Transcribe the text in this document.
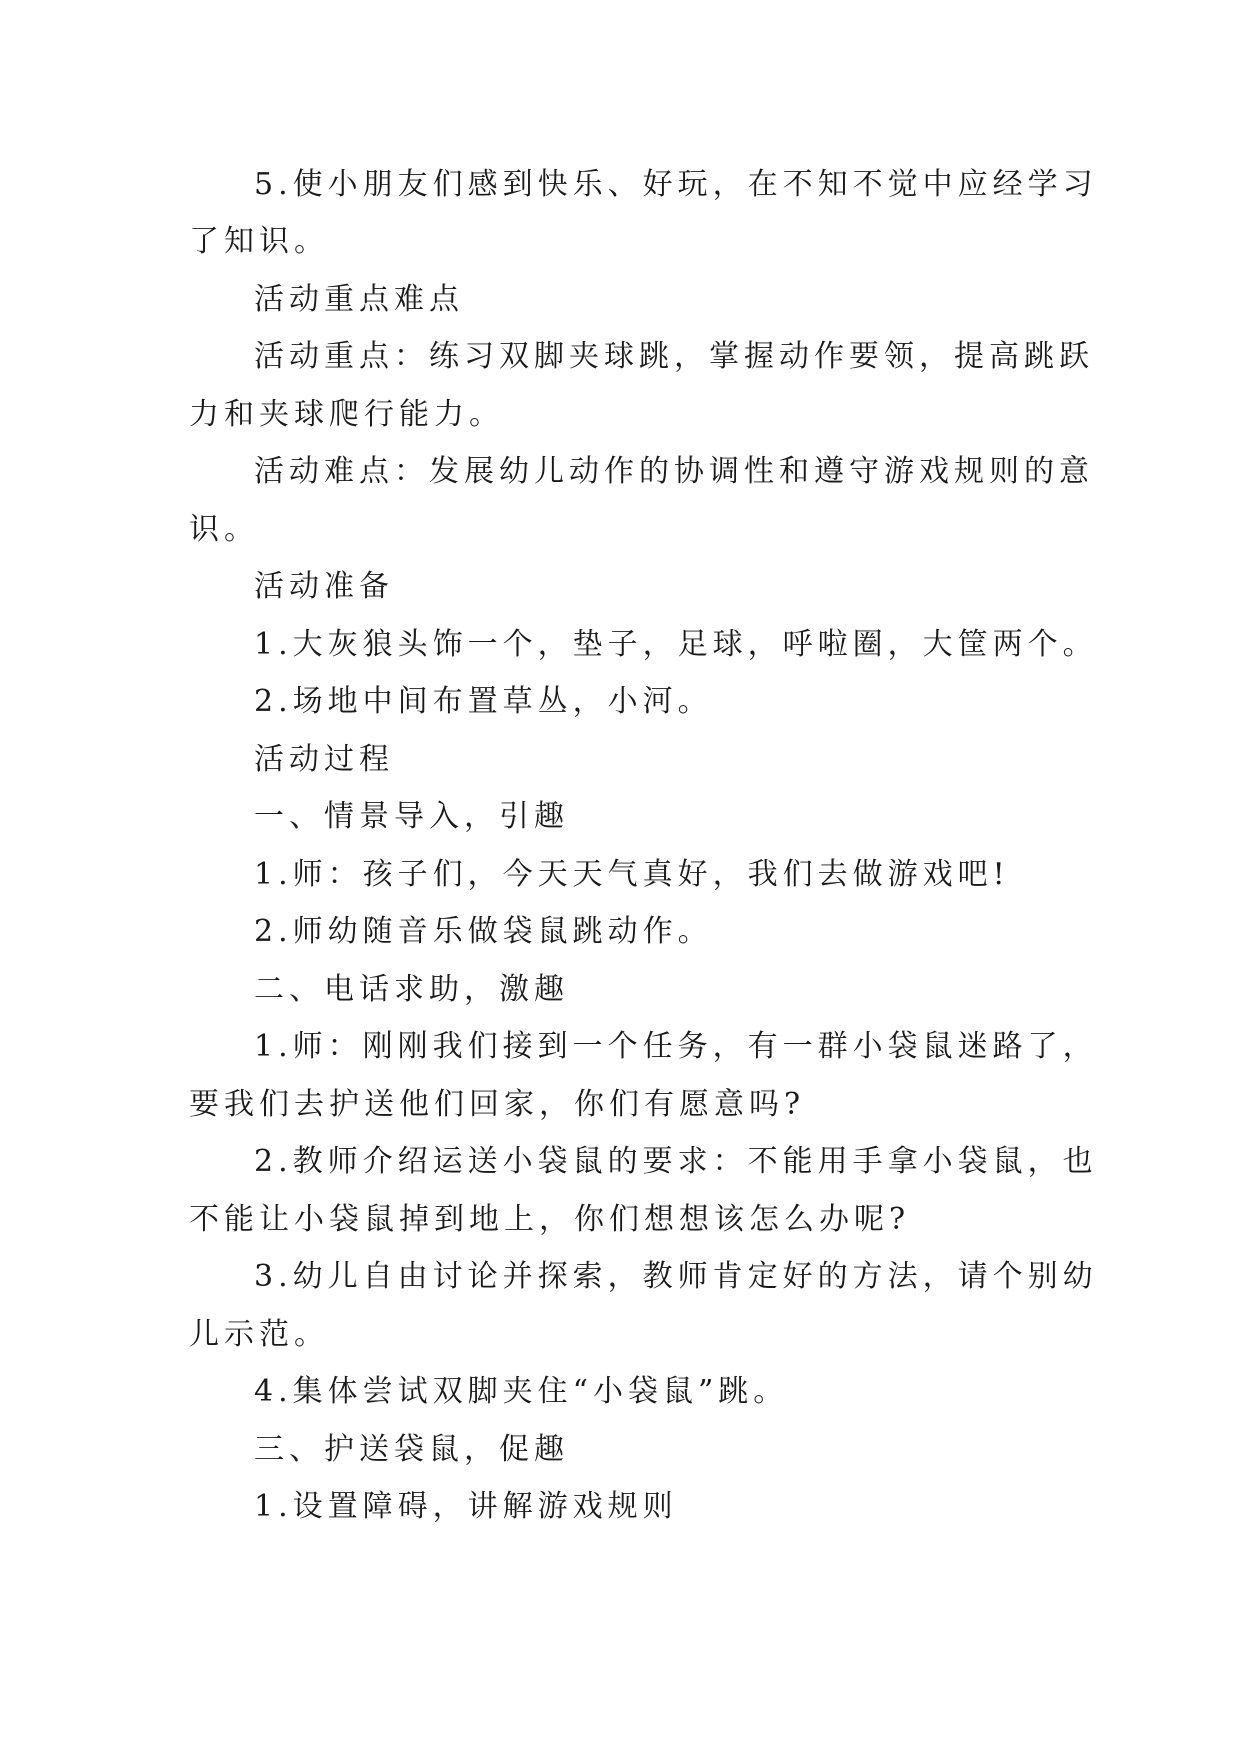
5.使小朋友们感到快乐、好玩，在不知不觉中应经学习

了知识。

活动重点难点

活动重点：练习双脚夹球跳，掌握动作要领，提高跳跃

力和夹球爬行能力。

活动难点：发展幼儿动作的协调性和遵守游戏规则的意

识。

活动准备

1.大灰狼头饰一个，垫子，足球，呼啦圈，大筐两个。

2.场地中间布置草丛，小河。

活动过程

一、情景导入，引趣

1.师：孩子们，今天天气真好，我们去做游戏吧!

2.师幼随音乐做袋鼠跳动作。

二、电话求助，激趣

1.师：刚刚我们接到一个任务，有一群小袋鼠迷路了，

要我们去护送他们回家，你们有愿意吗?

2.教师介绍运送小袋鼠的要求：不能用手拿小袋鼠，也

不能让小袋鼠掉到地上，你们想想该怎么办呢?

3.幼儿自由讨论并探索，教师肯定好的方法，请个别幼

儿示范。

4.集体尝试双脚夹住“小袋鼠”跳。

三、护送袋鼠，促趣

1.设置障碍，讲解游戏规则
